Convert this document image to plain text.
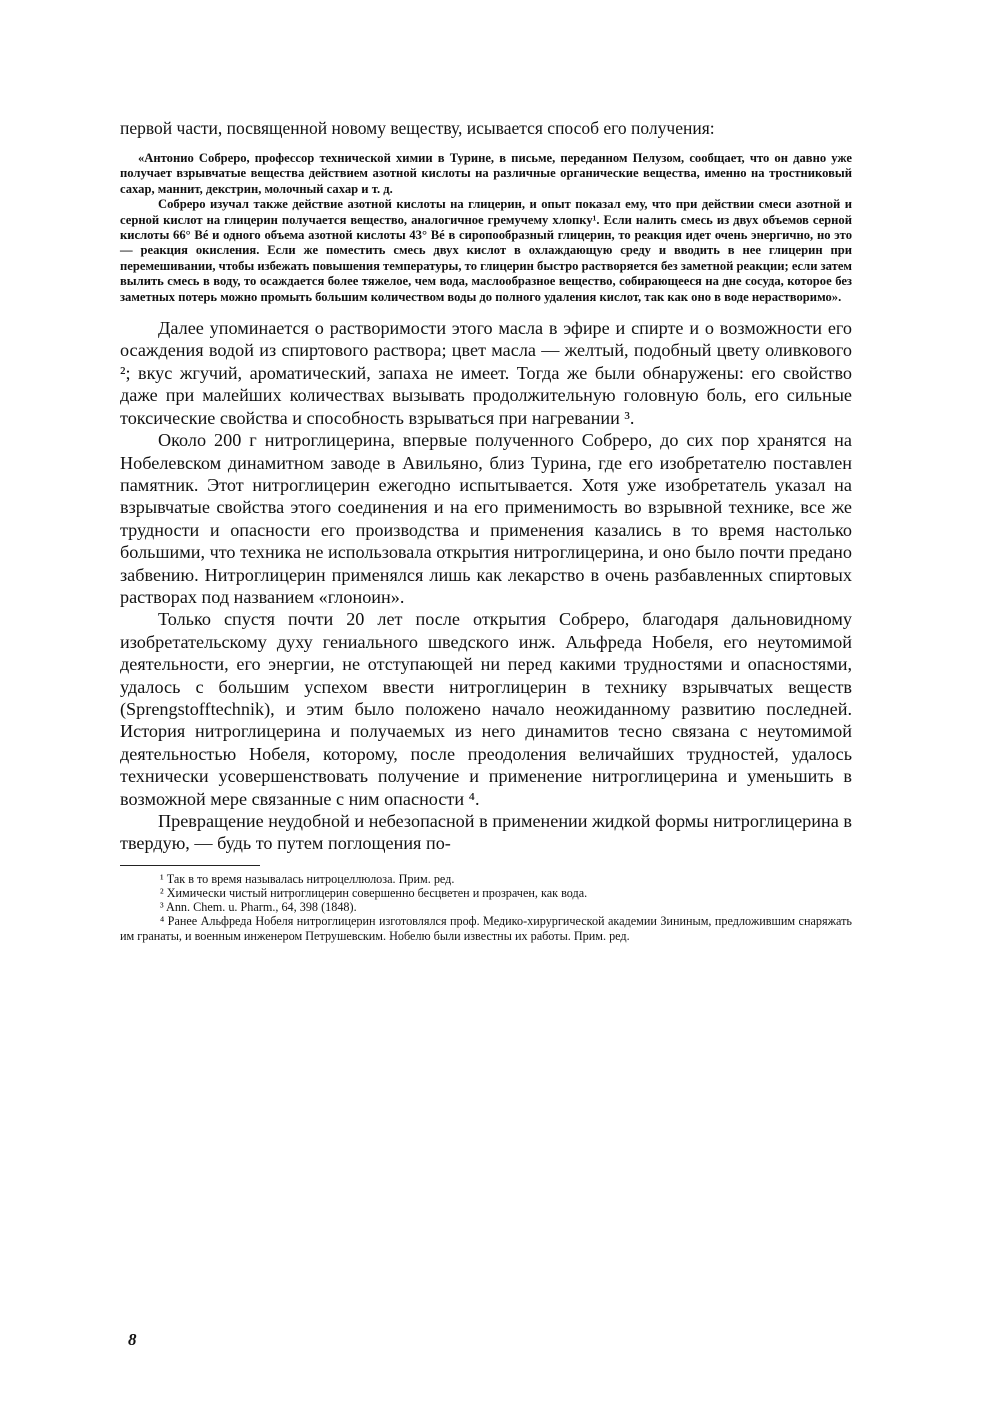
первой части, посвященной новому веществу, исывается способ его получения:

«Антонио Собреро, профессор технической химии в Турине, в письме, переданном Пелузом, сообщает, что он давно уже получает взрывчатые вещества действием азотной кислоты на различные органические вещества, именно на тростниковый сахар, маннит, декстрин, молочный сахар и т. д.

Собреро изучал также действие азотной кислоты на глицерин, и опыт показал ему, что при действии смеси азотной и серной кислот на глицерин получается вещество, аналогичное гремучему хлопку¹. Если налить смесь из двух объемов серной кислоты 66° Bé и одного объема азотной кислоты 43° Bé в сиропообразный глицерин, то реакция идет очень энергично, но это — реакция окисления. Если же поместить смесь двух кислот в охлаждающую среду и вводить в нее глицерин при перемешивании, чтобы избежать повышения температуры, то глицерин быстро растворяется без заметной реакции; если затем вылить смесь в воду, то осаждается более тяжелое, чем вода, маслообразное вещество, собирающееся на дне сосуда, которое без заметных потерь можно промыть большим количеством воды до полного удаления кислот, так как оно в воде нерастворимо».

Далее упоминается о растворимости этого масла в эфире и спирте и о возможности его осаждения водой из спиртового раствора; цвет масла — желтый, подобный цвету оливкового ²; вкус жгучий, ароматический, запаха не имеет. Тогда же были обнаружены: его свойство даже при малейших количествах вызывать продолжительную головную боль, его сильные токсические свойства и способность взрываться при нагревании ³.

Около 200 г нитроглицерина, впервые полученного Собреро, до сих пор хранятся на Нобелевском динамитном заводе в Авильяно, близ Турина, где его изобретателю поставлен памятник. Этот нитроглицерин ежегодно испытывается. Хотя уже изобретатель указал на взрывчатые свойства этого соединения и на его применимость во взрывной технике, все же трудности и опасности его производства и применения казались в то время настолько большими, что техника не использовала открытия нитроглицерина, и оно было почти предано забвению. Нитроглицерин применялся лишь как лекарство в очень разбавленных спиртовых растворах под названием «глоноин».

Только спустя почти 20 лет после открытия Собреро, благодаря дальновидному изобретательскому духу гениального шведского инж. Альфреда Нобеля, его неутомимой деятельности, его энергии, не отступающей ни перед какими трудностями и опасностями, удалось с большим успехом ввести нитроглицерин в технику взрывчатых веществ (Sprengstofftechnik), и этим было положено начало неожиданному развитию последней. История нитроглицерина и получаемых из него динамитов тесно связана с неутомимой деятельностью Нобеля, которому, после преодоления величайших трудностей, удалось технически усовершенствовать получение и применение нитроглицерина и уменьшить в возможной мере связанные с ним опасности ⁴.

Превращение неудобной и небезопасной в применении жидкой формы нитроглицерина в твердую, — будь то путем поглощения по-

¹ Так в то время называлась нитроцеллюлоза. Прим. ред.

² Химически чистый нитроглицерин совершенно бесцветен и прозрачен, как вода.

³ Ann. Chem. u. Pharm., 64, 398 (1848).

⁴ Ранее Альфреда Нобеля нитроглицерин изготовлялся проф. Медико-хирургической академии Зининым, предложившим снаряжать им гранаты, и военным инженером Петрушевским. Нобелю были известны их работы. Прим. ред.

8
